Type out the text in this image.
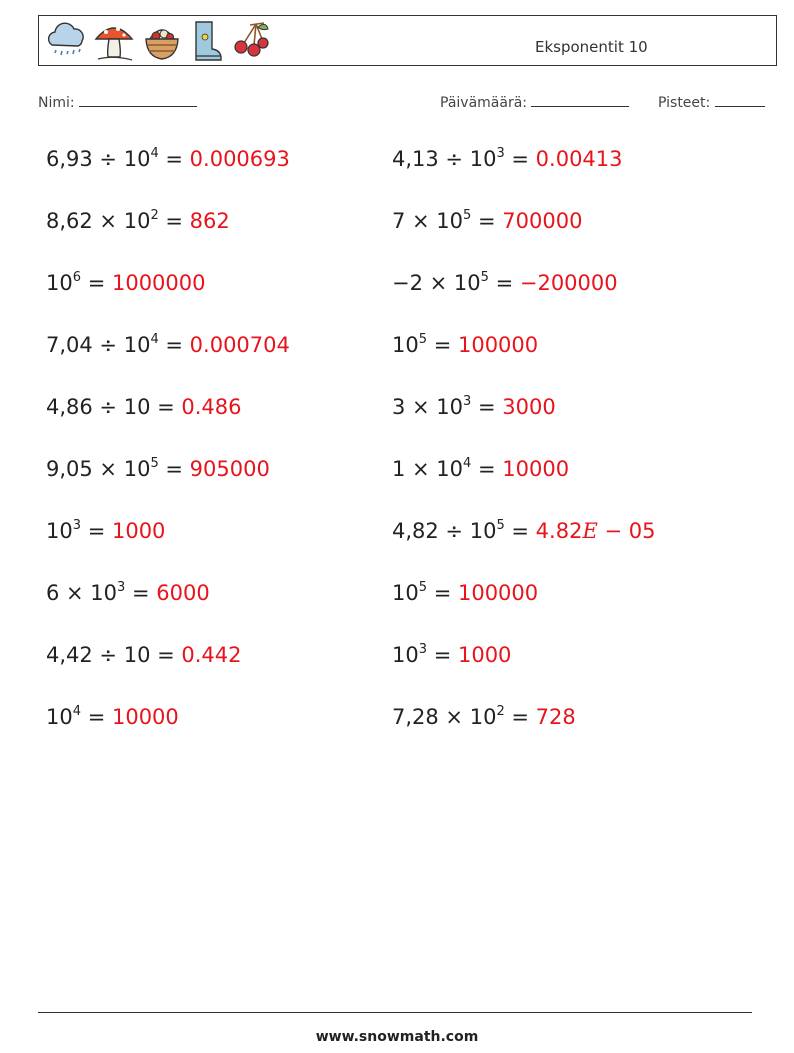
Eksponentit 10
Nimi:	Päivämäärä:	Pisteet:
$6,93 \div 10^4 = 0.000693$	$4,13 \div 10^3 = 0.00413$
$8,62 \times 10^2 = 862$	$7 \times 10^5 = 700000$
$10^6 = 1000000$	$-2 \times 10^5 = -200000$
$7,04 \div 10^4 = 0.000704$	$10^5 = 100000$
4,86 ÷ 10 = 0.486	$3 \times 10^3 = 3000$
$9,05 \times 10^5 = 905000$	$1 \times 10^4 = 10000$
$10^3 = 1000$	$4,82 \div 10^5 = 4.82E - 05$
$6 \times 10^3 = 6000$	$10^5 = 100000$
4,42 ÷ 10 = 0.442	$10^3 = 1000$
$10^4 = 10000$	$7,28 \times 10^2 = 728$
www.snowmath.com
